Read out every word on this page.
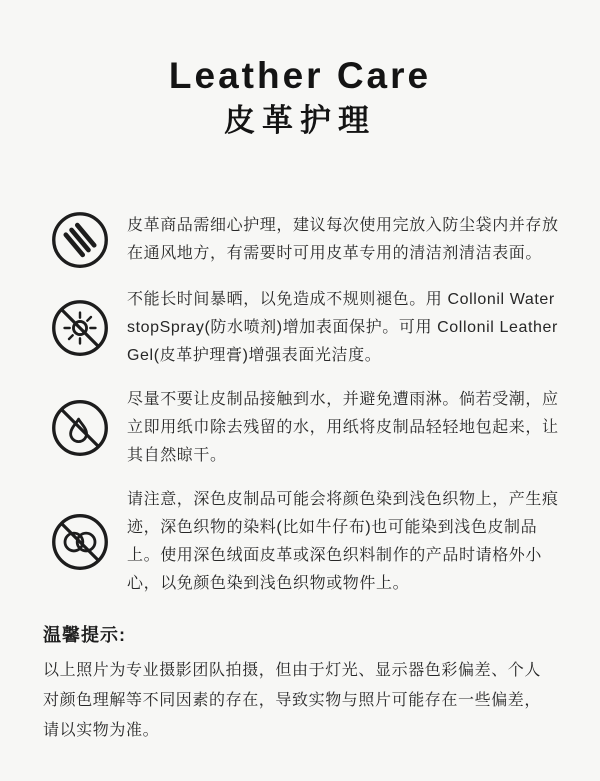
Leather Care
皮革护理

皮革商品需细心护理，建议每次使用完放入防尘袋内并存放在通风地方，有需要时可用皮革专用的清洁剂清洁表面。

不能长时间暴晒，以免造成不规则褪色。用 Collonil WaterstopSpray(防水喷剂)增加表面保护。可用 Collonil Leather Gel(皮革护理膏)增强表面光洁度。

尽量不要让皮制品接触到水，并避免遭雨淋。倘若受潮，应立即用纸巾除去残留的水，用纸将皮制品轻轻地包起来，让其自然晾干。

请注意，深色皮制品可能会将颜色染到浅色织物上，产生痕迹，深色织物的染料(比如牛仔布)也可能染到浅色皮制品上。使用深色绒面皮革或深色织料制作的产品时请格外小心，以免颜色染到浅色织物或物件上。

温馨提示:

以上照片为专业摄影团队拍摄，但由于灯光、显示器色彩偏差、个人对颜色理解等不同因素的存在，导致实物与照片可能存在一些偏差，请以实物为准。
